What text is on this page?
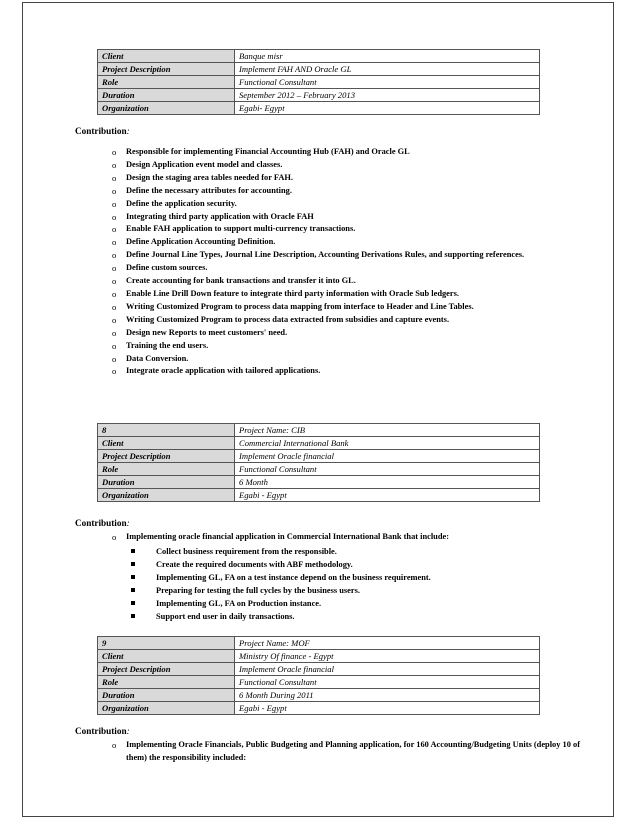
Client	Banque misr
Project Description	Implement FAH AND Oracle GL
Role	Functional Consultant
Duration	September 2012 – February 2013
Organization	Egabi- Egypt
Contribution:
o Responsible for implementing Financial Accounting Hub (FAH) and Oracle GL
o Design Application event model and classes.
o Design the staging area tables needed for FAH.
o Define the necessary attributes for accounting.
o Define the application security.
o Integrating third party application with Oracle FAH
o Enable FAH application to support multi-currency transactions.
o Define Application Accounting Definition.
o Define Journal Line Types, Journal Line Description, Accounting Derivations Rules, and supporting references.
o Define custom sources.
o Create accounting for bank transactions and transfer it into GL.
o Enable Line Drill Down feature to integrate third party information with Oracle Sub ledgers.
o Writing Customized Program to process data mapping from interface to Header and Line Tables.
o Writing Customized Program to process data extracted from subsidies and capture events.
o Design new Reports to meet customers' need.
o Training the end users.
o Data Conversion.
o Integrate oracle application with tailored applications.
8	Project Name: CIB
Client	Commercial International Bank
Project Description	Implement Oracle financial
Role	Functional Consultant
Duration	6 Month
Organization	Egabi - Egypt
Contribution:
o Implementing oracle financial application in Commercial International Bank that include:
Collect business requirement from the responsible.
Create the required documents with ABF methodology.
Implementing GL, FA on a test instance depend on the business requirement.
Preparing for testing the full cycles by the business users.
Implementing GL, FA on Production instance.
Support end user in daily transactions.
9	Project Name: MOF
Client	Ministry Of finance - Egypt
Project Description	Implement Oracle financial
Role	Functional Consultant
Duration	6 Month During 2011
Organization	Egabi - Egypt
Contribution:
o Implementing Oracle Financials, Public Budgeting and Planning application, for 160 Accounting/Budgeting Units (deploy 10 of them) the responsibility included:
